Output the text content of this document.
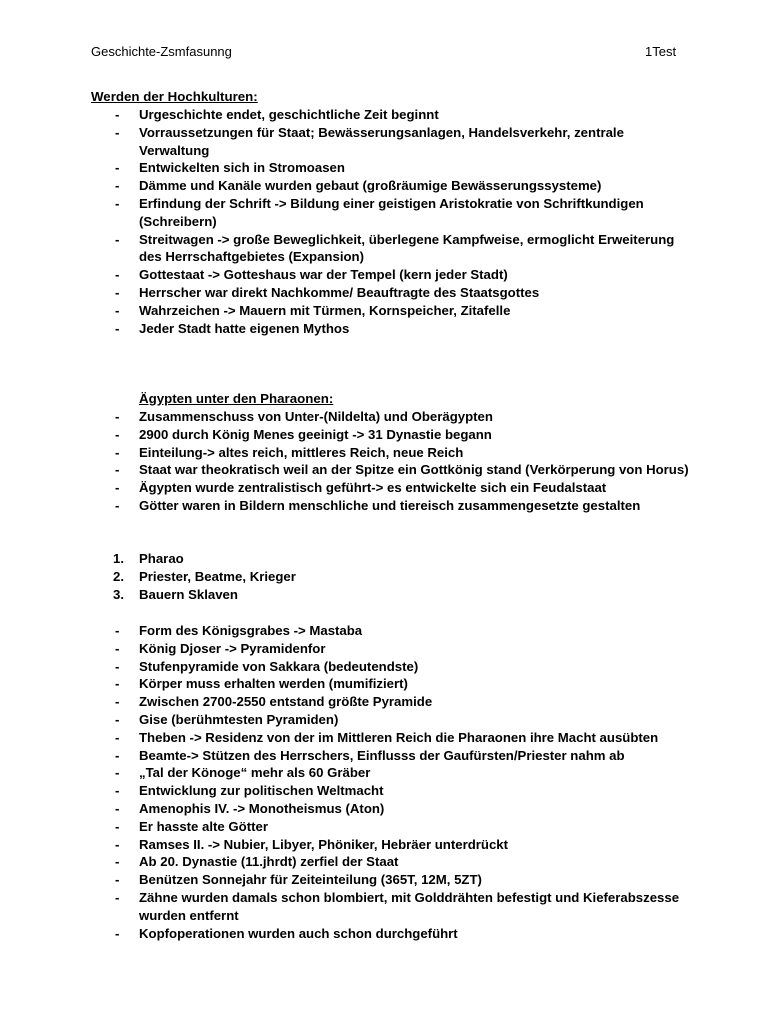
Geschichte-Zsmfasunng	1Test
Werden der Hochkulturen:
- Urgeschichte endet, geschichtliche Zeit beginnt
- Vorraussetzungen für Staat; Bewässerungsanlagen, Handelsverkehr, zentrale Verwaltung
- Entwickelten sich in Stromoasen
- Dämme und Kanäle wurden gebaut (großräumige Bewässerungssysteme)
- Erfindung der Schrift -> Bildung einer geistigen Aristokratie von Schriftkundigen (Schreibern)
- Streitwagen -> große Beweglichkeit, überlegene Kampfweise, ermoglicht Erweiterung des Herrschaftgebietes (Expansion)
- Gottestaat -> Gotteshaus war der Tempel (kern jeder Stadt)
- Herrscher war direkt Nachkomme/ Beauftragte des Staatsgottes
- Wahrzeichen -> Mauern mit Türmen, Kornspeicher, Zitafelle
- Jeder Stadt hatte eigenen Mythos
Ägypten unter den Pharaonen:
- Zusammenschuss von Unter-(Nildelta) und Oberägypten
- 2900 durch König Menes geeinigt -> 31 Dynastie begann
- Einteilung-> altes reich, mittleres Reich, neue Reich
- Staat war theokratisch weil an der Spitze ein Gottkönig stand (Verkörperung von Horus)
- Ägypten wurde zentralistisch geführt-> es entwickelte sich ein Feudalstaat
- Götter waren in Bildern menschliche und tiereisch zusammengesetzte gestalten
1. Pharao
2. Priester, Beatme, Krieger
3. Bauern Sklaven
- Form des Königsgrabes -> Mastaba
- König Djoser -> Pyramidenfor
- Stufenpyramide von Sakkara (bedeutendste)
- Körper muss erhalten werden (mumifiziert)
- Zwischen 2700-2550 entstand größte Pyramide
- Gise (berühmtesten Pyramiden)
- Theben -> Residenz von der im Mittleren Reich die Pharaonen ihre Macht ausübten
- Beamte-> Stützen des Herrschers, Einflusss der Gaufürsten/Priester nahm ab
- „Tal der Könoge“ mehr als 60 Gräber
- Entwicklung zur politischen Weltmacht
- Amenophis IV. -> Monotheismus (Aton)
- Er hasste alte Götter
- Ramses II. -> Nubier, Libyer, Phöniker, Hebräer unterdrückt
- Ab 20. Dynastie (11.jhrdt) zerfiel der Staat
- Benützen Sonnejahr für Zeiteinteilung (365T, 12M, 5ZT)
- Zähne wurden damals schon blombiert, mit Golddrähten befestigt und Kieferabszesse wurden entfernt
- Kopfoperationen wurden auch schon durchgeführt
